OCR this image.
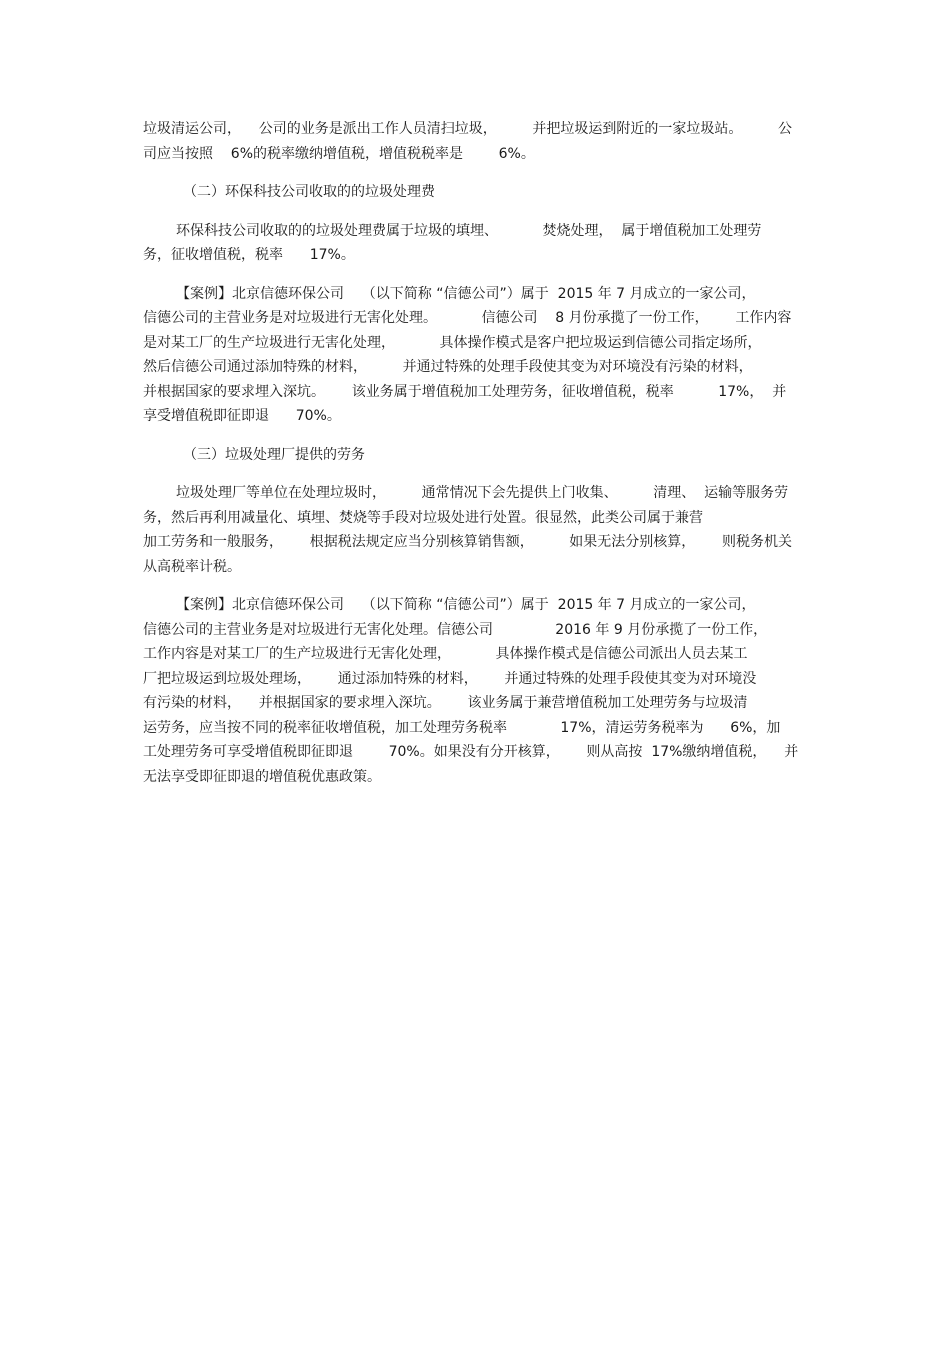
垃圾清运公司，    公司的业务是派出工作人员清扫垃圾，        并把垃圾运到附近的一家垃圾站。        公
司应当按照    6%的税率缴纳增值税，增值税税率是        6%。

（二）环保科技公司收取的的垃圾处理费

环保科技公司收取的的垃圾处理费属于垃圾的填埋、          焚烧处理，  属于增值税加工处理劳
务，征收增值税，税率      17%。

【案例】北京信德环保公司    （以下简称 “信德公司”）属于  2015 年 7 月成立的一家公司，
信德公司的主营业务是对垃圾进行无害化处理。          信德公司    8 月份承揽了一份工作，      工作内容
是对某工厂的生产垃圾进行无害化处理，          具体操作模式是客户把垃圾运到信德公司指定场所，
然后信德公司通过添加特殊的材料，        并通过特殊的处理手段使其变为对环境没有污染的材料，
并根据国家的要求埋入深坑。      该业务属于增值税加工处理劳务，征收增值税，税率          17%，  并
享受增值税即征即退      70%。

（三）垃圾处理厂提供的劳务

垃圾处理厂等单位在处理垃圾时，        通常情况下会先提供上门收集、        清理、  运输等服务劳
务，然后再利用减量化、填埋、焚烧等手段对垃圾处进行处置。很显然，此类公司属于兼营
加工劳务和一般服务，      根据税法规定应当分别核算销售额，        如果无法分别核算，      则税务机关
从高税率计税。

【案例】北京信德环保公司    （以下简称 “信德公司”）属于  2015 年 7 月成立的一家公司，
信德公司的主营业务是对垃圾进行无害化处理。信德公司              2016 年 9 月份承揽了一份工作，
工作内容是对某工厂的生产垃圾进行无害化处理，          具体操作模式是信德公司派出人员去某工
厂把垃圾运到垃圾处理场，      通过添加特殊的材料，      并通过特殊的处理手段使其变为对环境没
有污染的材料，    并根据国家的要求埋入深坑。      该业务属于兼营增值税加工处理劳务与垃圾清
运劳务，应当按不同的税率征收增值税，加工处理劳务税率            17%，清运劳务税率为      6%，加
工处理劳务可享受增值税即征即退        70%。如果没有分开核算，      则从高按  17%缴纳增值税，    并
无法享受即征即退的增值税优惠政策。
